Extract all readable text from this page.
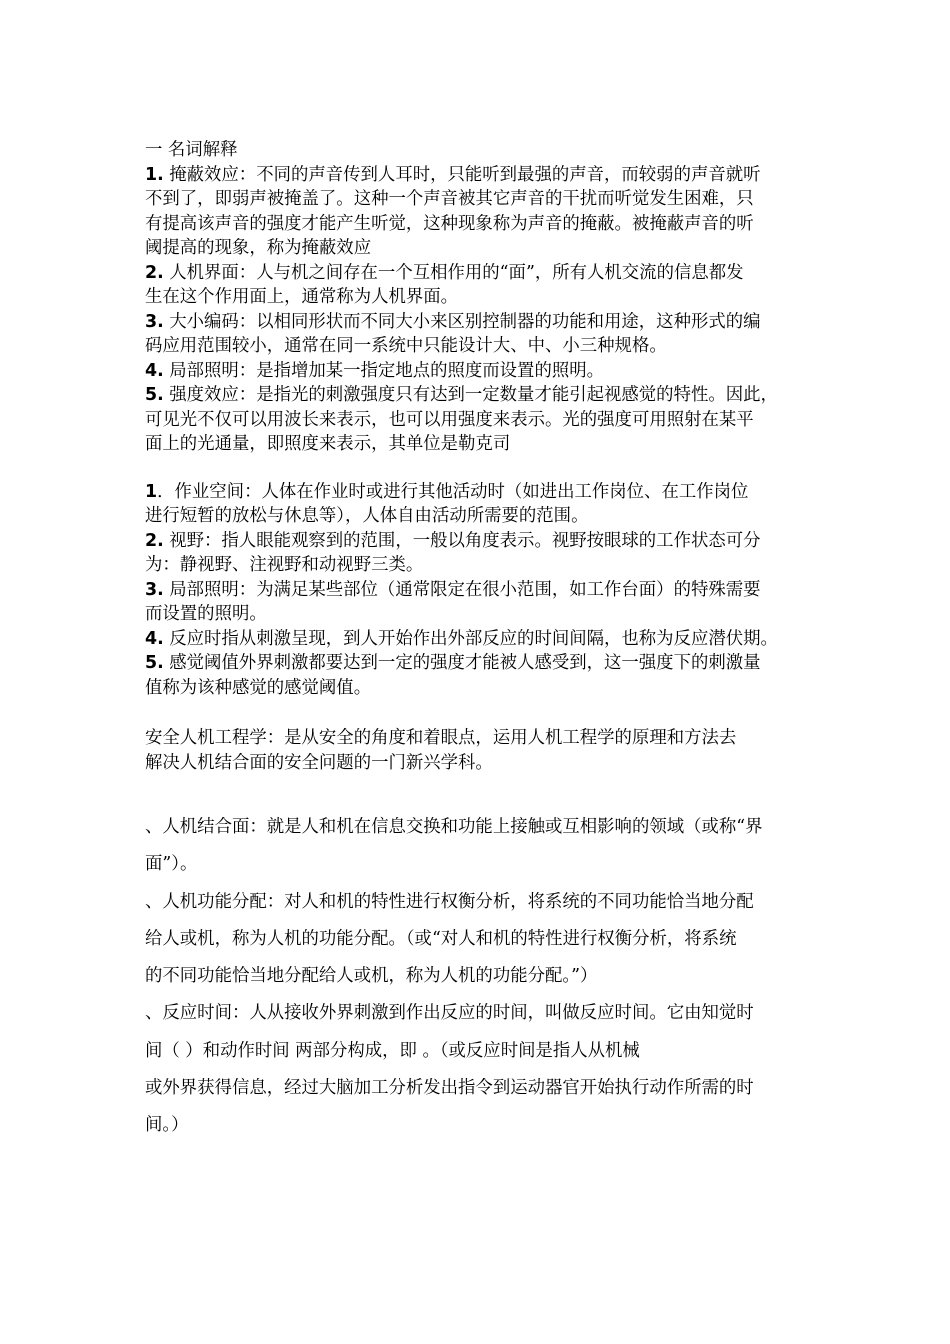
一 名词解释
1. 掩蔽效应：不同的声音传到人耳时，只能听到最强的声音，而较弱的声音就听
不到了，即弱声被掩盖了。这种一个声音被其它声音的干扰而听觉发生困难，只
有提高该声音的强度才能产生听觉，这种现象称为声音的掩蔽。被掩蔽声音的听
阈提高的现象，称为掩蔽效应
2. 人机界面：人与机之间存在一个互相作用的“面”，所有人机交流的信息都发
生在这个作用面上，通常称为人机界面。
3. 大小编码：以相同形状而不同大小来区别控制器的功能和用途，这种形式的编
码应用范围较小，通常在同一系统中只能设计大、中、小三种规格。
4. 局部照明：是指增加某一指定地点的照度而设置的照明。
5. 强度效应：是指光的刺激强度只有达到一定数量才能引起视感觉的特性。因此，
可见光不仅可以用波长来表示，也可以用强度来表示。光的强度可用照射在某平
面上的光通量，即照度来表示，其单位是勒克司
1．作业空间：人体在作业时或进行其他活动时（如进出工作岗位、在工作岗位
进行短暂的放松与休息等），人体自由活动所需要的范围。
2. 视野：指人眼能观察到的范围，一般以角度表示。视野按眼球的工作状态可分
为：静视野、注视野和动视野三类。
3. 局部照明：为满足某些部位（通常限定在很小范围，如工作台面）的特殊需要
而设置的照明。
4. 反应时指从刺激呈现，到人开始作出外部反应的时间间隔，也称为反应潜伏期。
5. 感觉阈值外界刺激都要达到一定的强度才能被人感受到，这一强度下的刺激量
值称为该种感觉的感觉阈值。
安全人机工程学：是从安全的角度和着眼点，运用人机工程学的原理和方法去
解决人机结合面的安全问题的一门新兴学科。
、人机结合面：就是人和机在信息交换和功能上接触或互相影响的领域（或称“界
面”）。
、人机功能分配：对人和机的特性进行权衡分析，将系统的不同功能恰当地分配
给人或机，称为人机的功能分配。（或“对人和机的特性进行权衡分析，将系统
的不同功能恰当地分配给人或机，称为人机的功能分配。”）
、反应时间：人从接收外界刺激到作出反应的时间，叫做反应时间。它由知觉时
间（ ）和动作时间 两部分构成，即 。（或反应时间是指人从机械
或外界获得信息，经过大脑加工分析发出指令到运动器官开始执行动作所需的时
间。）
